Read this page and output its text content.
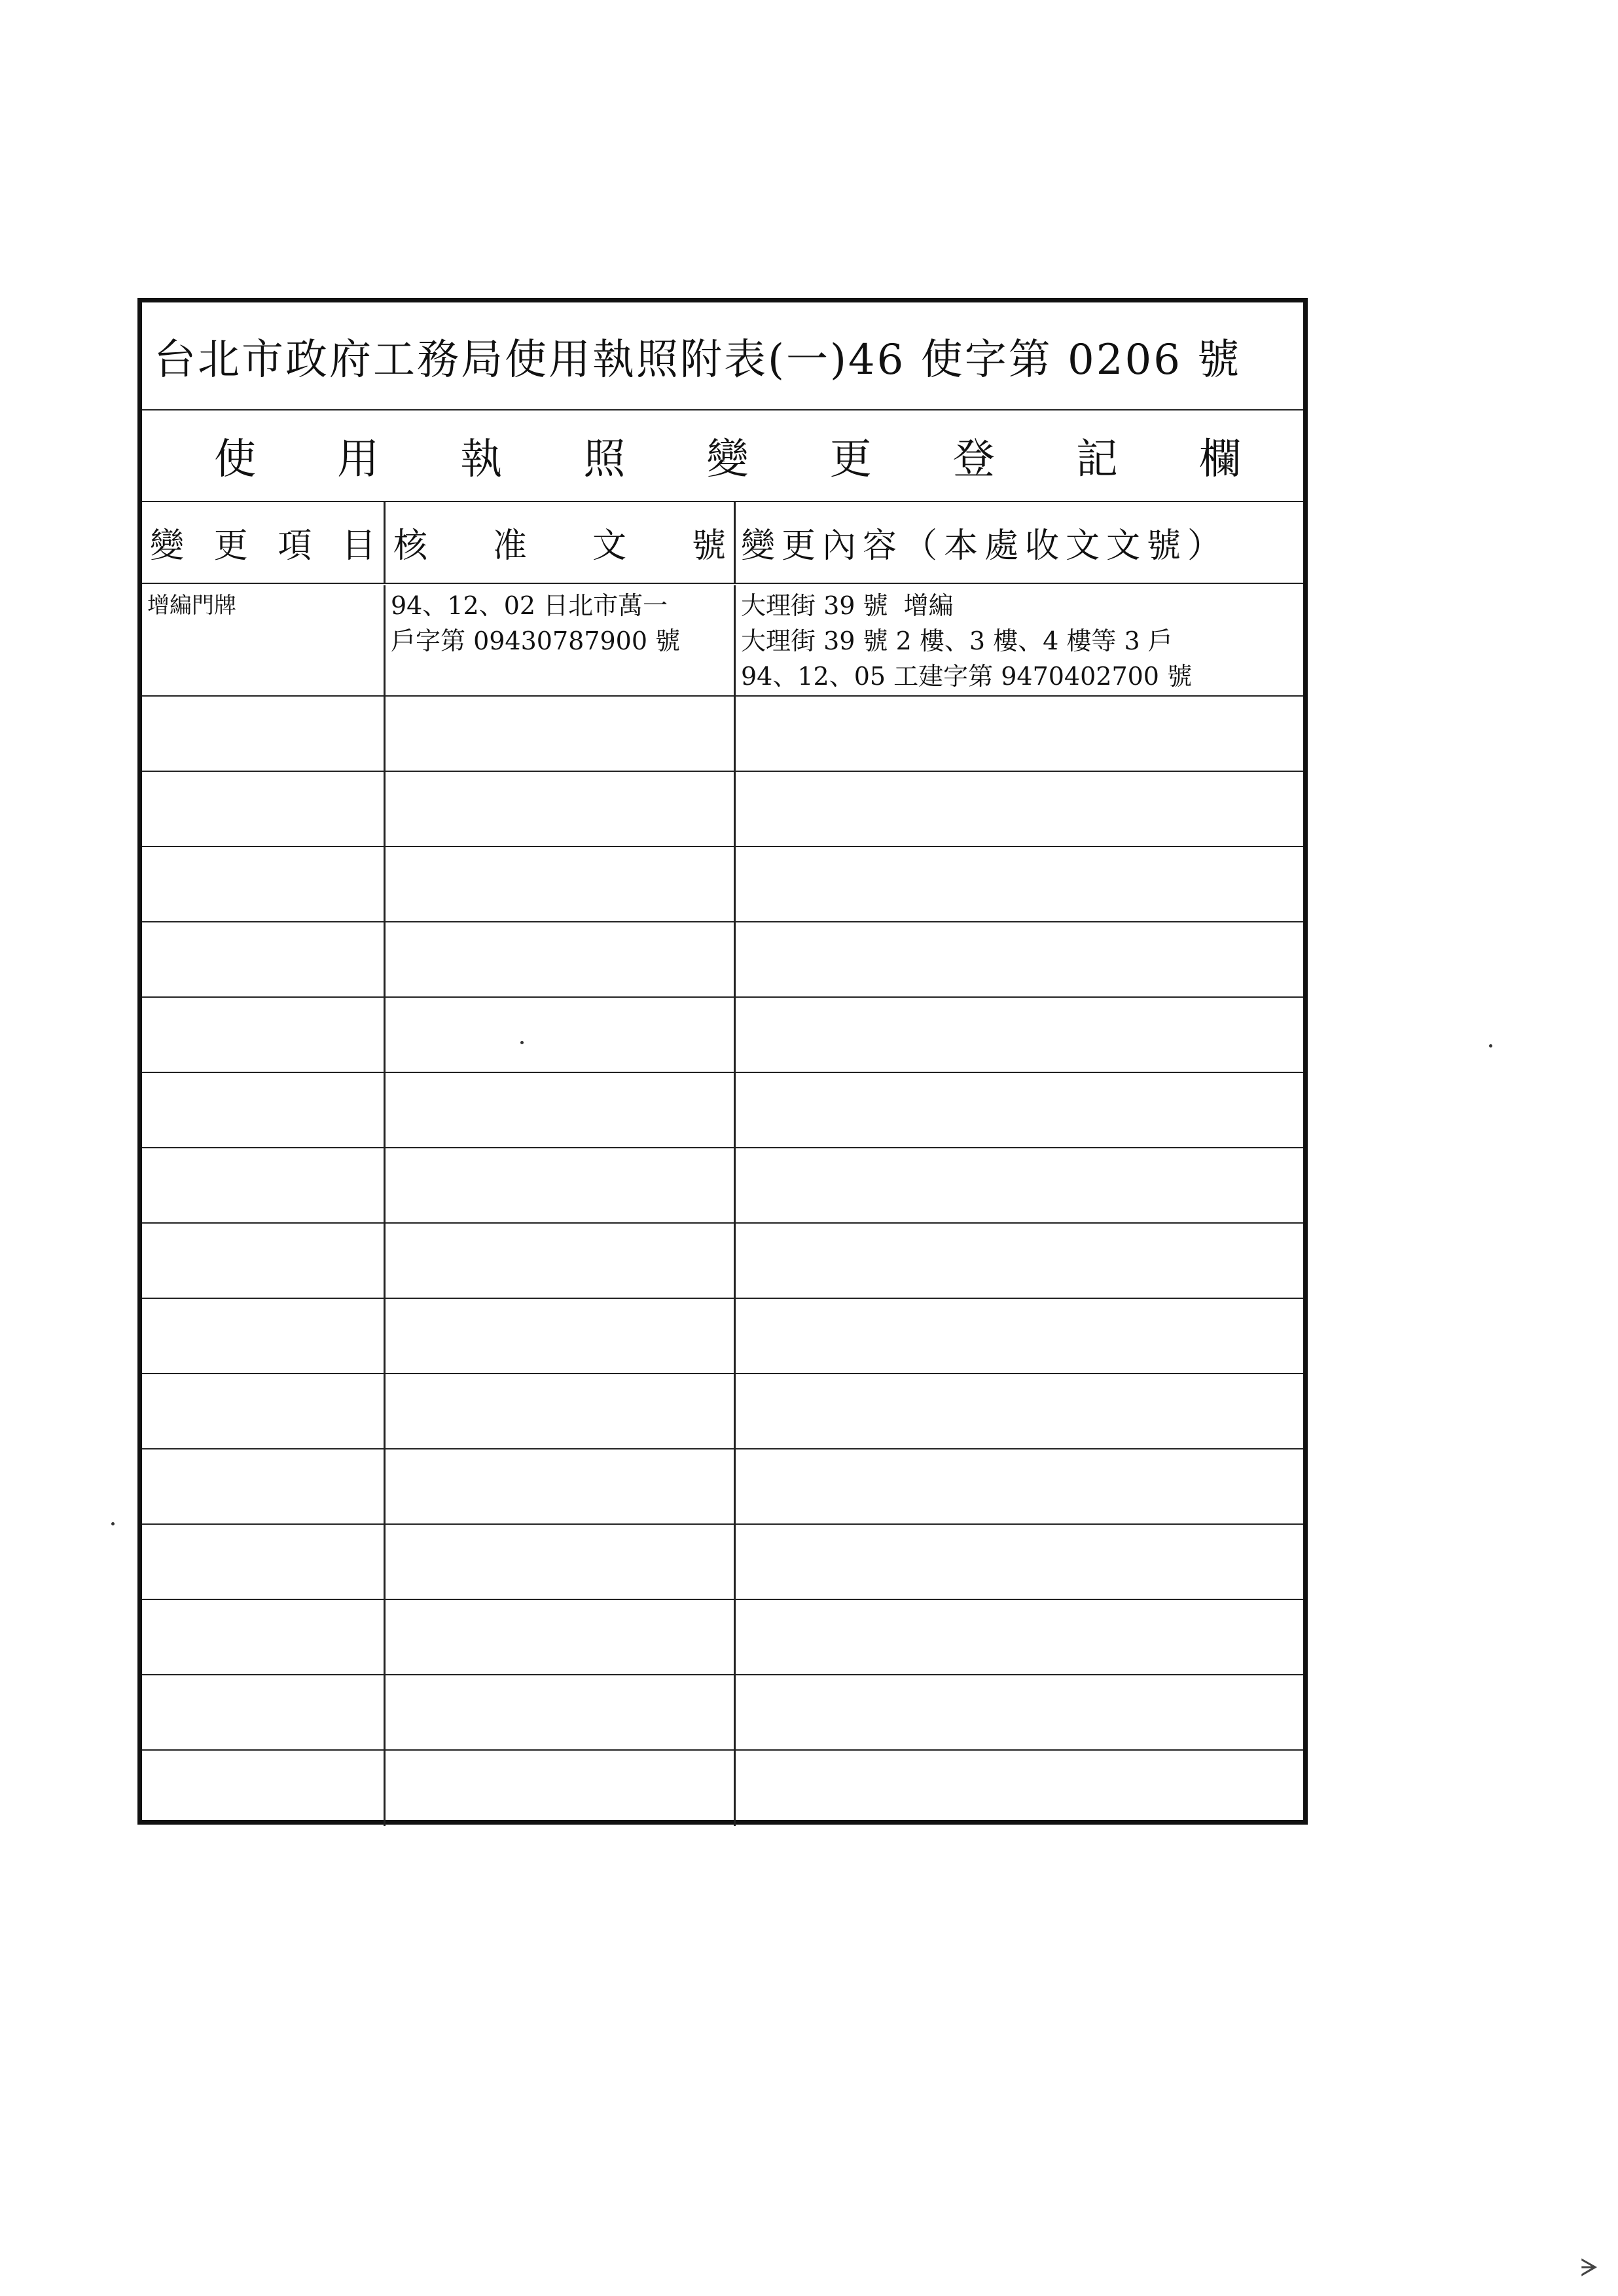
台北市政府工務局使用執照附表(一)46 使字第 0206 號
使 用 執 照 變 更 登 記 欄
變 更 項 目 核 准 文 號 變更內容（本處收文文號）
增編門牌	94、12、02 日北市萬一
戶字第 09430787900 號
大理街 39 號  增編
大理街 39 號 2 樓、3 樓、4 樓等 3 戶
94、12、05 工建字第 9470402700 號
ᗒ
